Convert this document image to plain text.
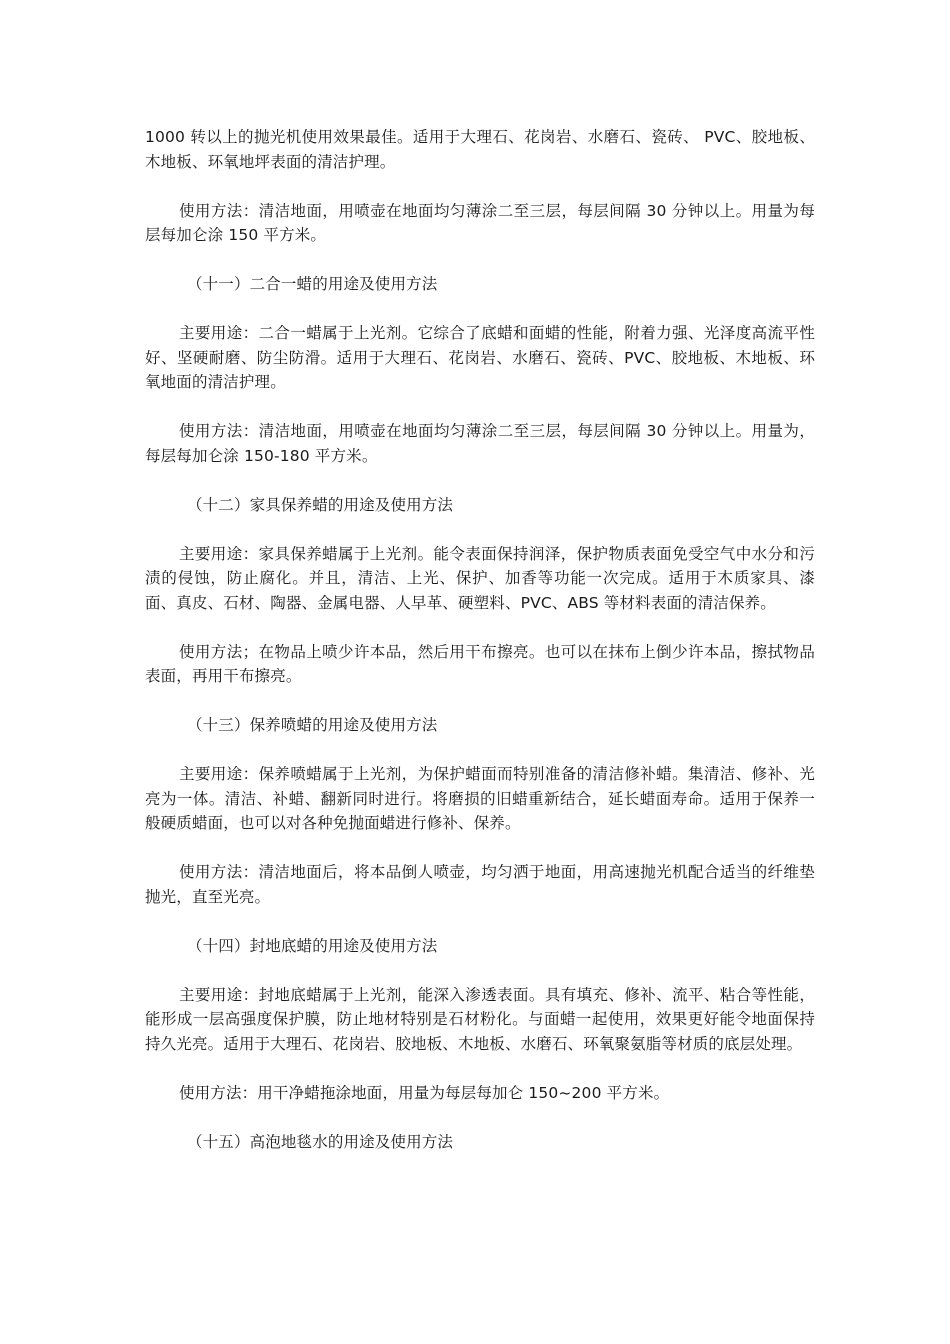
1000 转以上的抛光机使用效果最佳。适用于大理石、花岗岩、水磨石、瓷砖、 PVC、胶地板、木地板、环氧地坪表面的清洁护理。

使用方法：清洁地面，用喷壶在地面均匀薄涂二至三层，每层间隔 30 分钟以上。用量为每层每加仑涂 150 平方米。

（十一）二合一蜡的用途及使用方法

主要用途：二合一蜡属于上光剂。它综合了底蜡和面蜡的性能，附着力强、光泽度高流平性好、坚硬耐磨、防尘防滑。适用于大理石、花岗岩、水磨石、瓷砖、PVC、胶地板、木地板、环氧地面的清洁护理。

使用方法：清洁地面，用喷壶在地面均匀薄涂二至三层，每层间隔 30 分钟以上。用量为，每层每加仑涂 150-180 平方米。

（十二）家具保养蜡的用途及使用方法

主要用途：家具保养蜡属于上光剂。能令表面保持润泽，保护物质表面免受空气中水分和污渍的侵蚀，防止腐化。并且，清洁、上光、保护、加香等功能一次完成。适用于木质家具、漆面、真皮、石材、陶器、金属电器、人早革、硬塑料、PVC、ABS 等材料表面的清洁保养。

使用方法；在物品上喷少许本品，然后用干布擦亮。也可以在抹布上倒少许本品，擦拭物品表面，再用干布擦亮。

（十三）保养喷蜡的用途及使用方法

主要用途：保养喷蜡属于上光剂，为保护蜡面而特别准备的清洁修补蜡。集清洁、修补、光亮为一体。清洁、补蜡、翻新同时进行。将磨损的旧蜡重新结合，延长蜡面寿命。适用于保养一般硬质蜡面，也可以对各种免抛面蜡进行修补、保养。

使用方法：清洁地面后，将本品倒人喷壶，均匀洒于地面，用高速抛光机配合适当的纤维垫抛光，直至光亮。

（十四）封地底蜡的用途及使用方法

主要用途：封地底蜡属于上光剂，能深入渗透表面。具有填充、修补、流平、粘合等性能，能形成一层高强度保护膜，防止地材特别是石材粉化。与面蜡一起使用，效果更好能令地面保持持久光亮。适用于大理石、花岗岩、胶地板、木地板、水磨石、环氧聚氨脂等材质的底层处理。

使用方法：用干净蜡拖涂地面，用量为每层每加仑 150~200 平方米。

（十五）高泡地毯水的用途及使用方法
